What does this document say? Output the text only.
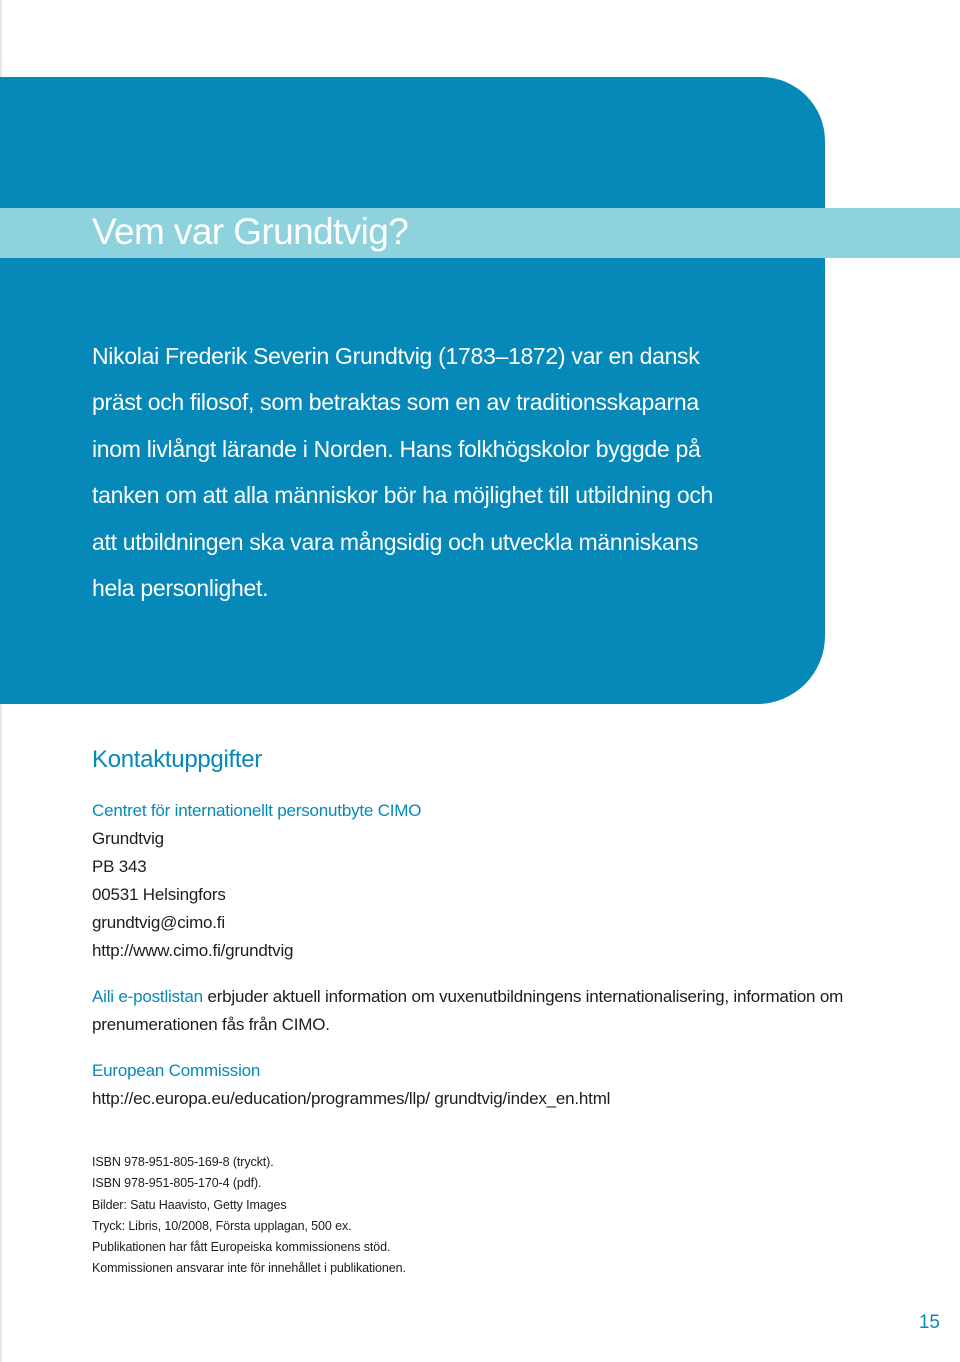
Vem var Grundtvig?

Nikolai Frederik Severin Grundtvig (1783–1872) var en dansk präst och filosof, som betraktas som en av traditionsskaparna inom livlångt lärande i Norden. Hans folkhögskolor byggde på tanken om att alla människor bör ha möjlighet till utbildning och att utbildningen ska vara mångsidig och utveckla människans hela personlighet.

Kontaktuppgifter
Centret för internationellt personutbyte CIMO
Grundtvig
PB 343
00531 Helsingfors
grundtvig@cimo.fi
http://www.cimo.fi/grundtvig

Aili e-postlistan erbjuder aktuell information om vuxenutbildningens internationalisering, information om prenumerationen fås från CIMO.

European Commission
http://ec.europa.eu/education/programmes/llp/ grundtvig/index_en.html
ISBN 978-951-805-169-8 (tryckt).
ISBN 978-951-805-170-4 (pdf).
Bilder: Satu Haavisto, Getty Images
Tryck: Libris, 10/2008, Första upplagan, 500 ex.
Publikationen har fått Europeiska kommissionens stöd.
Kommissionen ansvarar inte för innehållet i publikationen.
15
